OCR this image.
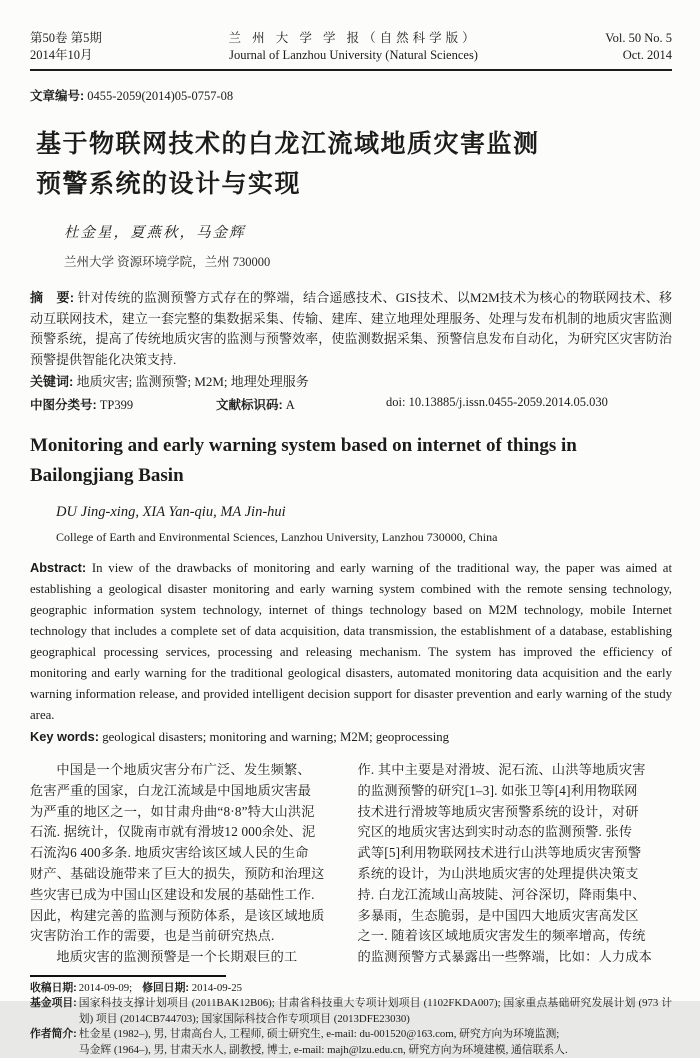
第50卷 第5期
2014年10月
兰 州 大 学 学 报（自然科学版）
Journal of Lanzhou University (Natural Sciences)
Vol. 50 No. 5
Oct. 2014
文章编号: 0455-2059(2014)05-0757-08
基于物联网技术的白龙江流域地质灾害监测
预警系统的设计与实现
杜金星，夏燕秋，马金辉
兰州大学 资源环境学院，兰州 730000
摘　要: 针对传统的监测预警方式存在的弊端，结合遥感技术、GIS技术、以M2M技术为核心的物联网技术、移动互联网技术，建立一套完整的集数据采集、传输、建库、建立地理处理服务、处理与发布机制的地质灾害监测预警系统，提高了传统地质灾害的监测与预警效率，使监测数据采集、预警信息发布自动化，为研究区灾害防治预警提供智能化决策支持.
关键词: 地质灾害; 监测预警; M2M; 地理处理服务
中图分类号: TP399	文献标识码: A	doi: 10.13885/j.issn.0455-2059.2014.05.030
Monitoring and early warning system based on internet of things in Bailongjiang Basin
DU Jing-xing, XIA Yan-qiu, MA Jin-hui
College of Earth and Environmental Sciences, Lanzhou University, Lanzhou 730000, China
Abstract: In view of the drawbacks of monitoring and early warning of the traditional way, the paper was aimed at establishing a geological disaster monitoring and early warning system combined with the remote sensing technology, geographic information system technology, internet of things technology based on M2M technology, mobile Internet technology that includes a complete set of data acquisition, data transmission, the establishment of a database, establishing geographical processing services, processing and releasing mechanism. The system has improved the efficiency of monitoring and early warning for the traditional geological disasters, automated monitoring data acquisition and the early warning information release, and provided intelligent decision support for disaster prevention and early warning of the study area.
Key words: geological disasters; monitoring and warning; M2M; geoprocessing
中国是一个地质灾害分布广泛、发生频繁、
危害严重的国家，白龙江流域是中国地质灾害最
为严重的地区之一，如甘肃舟曲“8·8”特大山洪泥
石流. 据统计，仅陇南市就有滑坡12 000余处、泥
石流沟6 400多条. 地质灾害给该区域人民的生命
财产、基础设施带来了巨大的损失，预防和治理这
些灾害已成为中国山区建设和发展的基础性工作.
因此，构建完善的监测与预防体系，是该区域地质
灾害防治工作的需要，也是当前研究热点.
地质灾害的监测预警是一个长期艰巨的工
作. 其中主要是对滑坡、泥石流、山洪等地质灾害
的监测预警的研究[1–3]. 如张卫等[4]利用物联网
技术进行滑坡等地质灾害预警系统的设计，对研
究区的地质灾害达到实时动态的监测预警. 张传
武等[5]利用物联网技术进行山洪等地质灾害预警
系统的设计，为山洪地质灾害的处理提供决策支
持. 白龙江流域山高坡陡、河谷深切，降雨集中、
多暴雨，生态脆弱，是中国四大地质灾害高发区
之一. 随着该区域地质灾害发生的频率增高，传统
的监测预警方式暴露出一些弊端，比如：人力成本
收稿日期: 2014-09-09; 修回日期: 2014-09-25
基金项目: 国家科技支撑计划项目 (2011BAK12B06); 甘肃省科技重大专项计划项目 (1102FKDA007); 国家重点基础研究发展计划 (973 计划) 项目 (2014CB744703); 国家国际科技合作专项项目 (2013DFE23030)
作者简介: 杜金星 (1982–), 男, 甘肃高台人, 工程师, 硕士研究生, e-mail: du-001520@163.com, 研究方向为环境监测;
马金辉 (1964–), 男, 甘肃天水人, 副教授, 博士, e-mail: majh@lzu.edu.cn, 研究方向为环境建模, 通信联系人.
